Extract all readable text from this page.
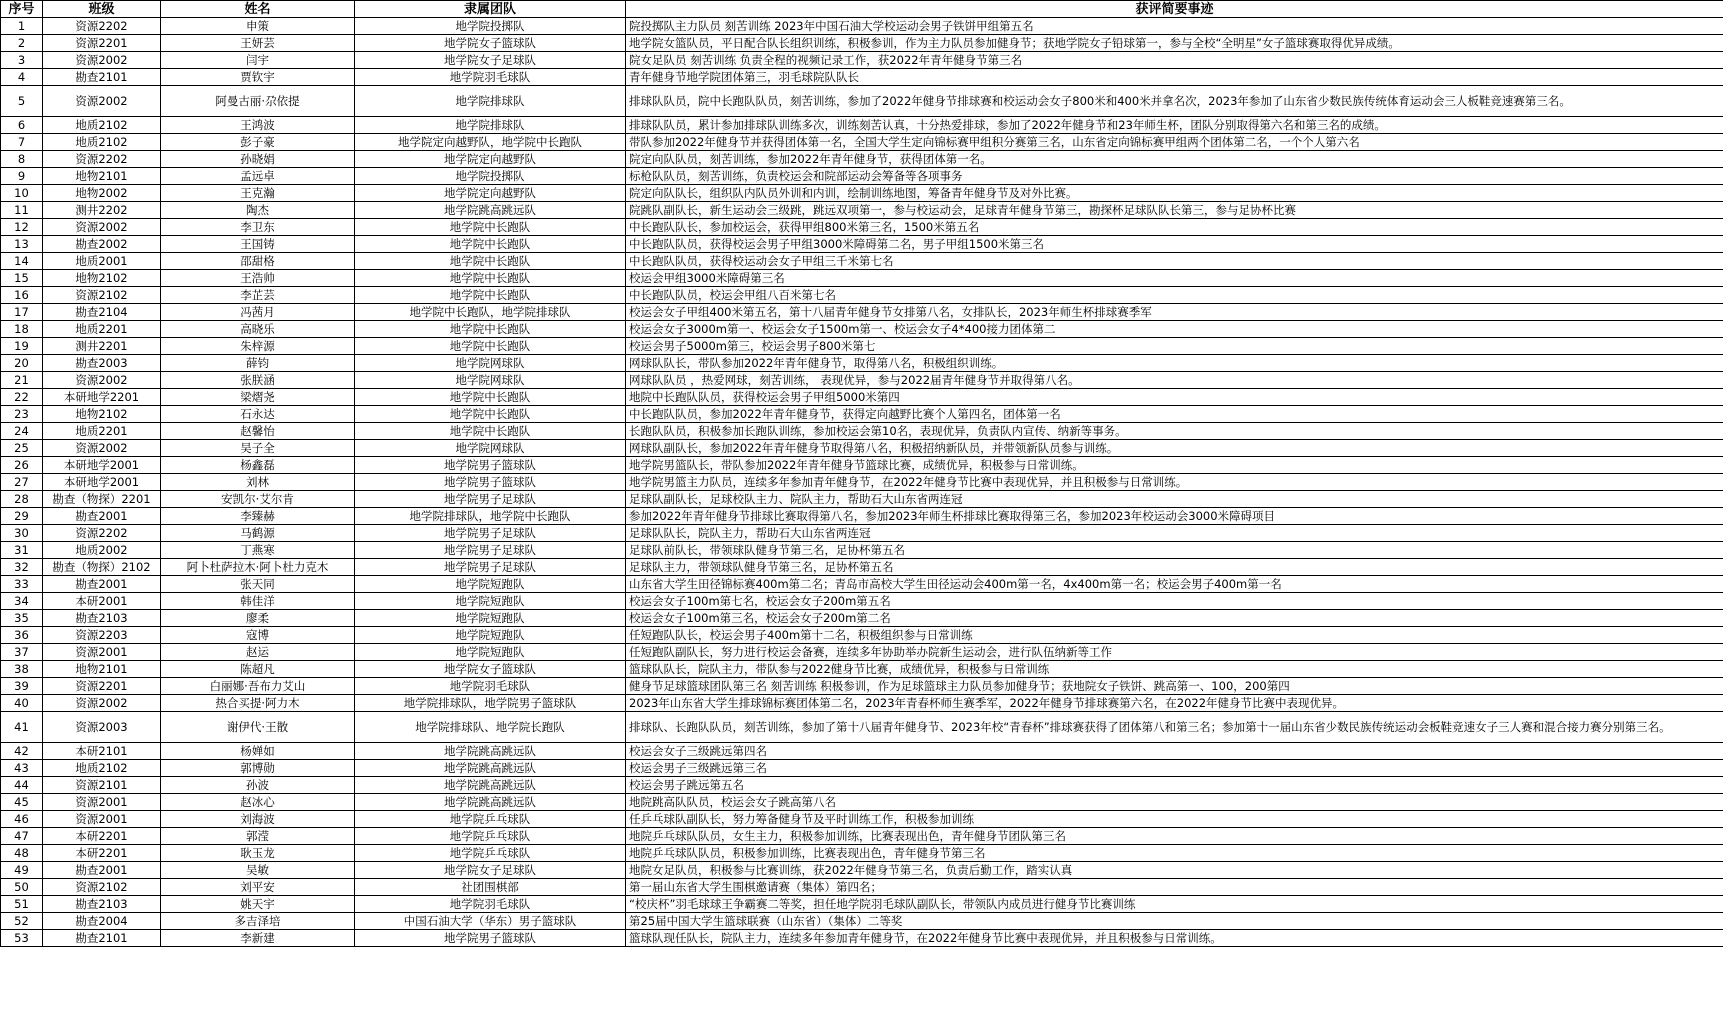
序号	班级	姓名	隶属团队	获评简要事迹
1	资源2202	申策	地学院投掷队	院投掷队主力队员 刻苦训练 2023年中国石油大学校运动会男子铁饼甲组第五名
2	资源2201	王妍芸	地学院女子篮球队	地学院女篮队员，平日配合队长组织训练，积极参训，作为主力队员参加健身节；获地学院女子铅球第一，参与全校“全明星”女子篮球赛取得优异成绩。
3	资源2002	闫宇	地学院女子足球队	院女足队员 刻苦训练 负责全程的视频记录工作，获2022年青年健身节第三名
4	勘查2101	贾钦宇	地学院羽毛球队	青年健身节地学院团体第三，羽毛球院队队长
5	资源2002	阿曼古丽·尕依提	地学院排球队	排球队队员，院中长跑队队员，刻苦训练，参加了2022年健身节排球赛和校运动会女子800米和400米并拿名次，2023年参加了山东省少数民族传统体育运动会三人板鞋竞速赛第三名。
6	地质2102	王鸿波	地学院排球队	排球队队员，累计参加排球队训练多次，训练刻苦认真，十分热爱排球，参加了2022年健身节和23年师生杯，团队分别取得第六名和第三名的成绩。
7	地质2102	彭子豪	地学院定向越野队，地学院中长跑队	带队参加2022年健身节并获得团体第一名，全国大学生定向锦标赛甲组积分赛第三名，山东省定向锦标赛甲组两个团体第二名，一个个人第六名
8	资源2202	孙晓娟	地学院定向越野队	院定向队队员，刻苦训练，参加2022年青年健身节，获得团体第一名。
9	地物2101	孟远卓	地学院投掷队	标枪队队员，刻苦训练，负责校运会和院部运动会筹备等各项事务
10	地物2002	王克瀚	地学院定向越野队	院定向队队长，组织队内队员外训和内训，绘制训练地图，筹备青年健身节及对外比赛。
11	测井2202	陶杰	地学院跳高跳远队	院跳队副队长，新生运动会三级跳，跳远双项第一，参与校运动会，足球青年健身节第三，勘探杯足球队队长第三，参与足协杯比赛
12	资源2002	李卫东	地学院中长跑队	中长跑队队长，参加校运会，获得甲组800米第三名，1500米第五名
13	勘查2002	王国铸	地学院中长跑队	中长跑队队员，获得校运会男子甲组3000米障碍第二名，男子甲组1500米第三名
14	地质2001	邵甜格	地学院中长跑队	中长跑队队员，获得校运动会女子甲组三千米第七名
15	地物2102	王浩帅	地学院中长跑队	校运会甲组3000米障碍第三名
16	资源2102	李芷芸	地学院中长跑队	中长跑队队员，校运会甲组八百米第七名
17	勘查2104	冯茜月	地学院中长跑队，地学院排球队	校运会女子甲组400米第五名，第十八届青年健身节女排第八名，女排队长，2023年师生杯排球赛季军
18	地质2201	高晓乐	地学院中长跑队	校运会女子3000m第一、校运会女子1500m第一、校运会女子4*400接力团体第二
19	测井2201	朱梓源	地学院中长跑队	校运会男子5000m第三，校运会男子800米第七
20	勘查2003	薛钧	地学院网球队	网球队队长，带队参加2022年青年健身节，取得第八名，积极组织训练。
21	资源2002	张朕涵	地学院网球队	网球队队员 ，热爱网球，刻苦训练， 表现优异，参与2022届青年健身节并取得第八名。
22	本研地学2201	梁熠尧	地学院中长跑队	地院中长跑队队员，获得校运会男子甲组5000米第四
23	地物2102	石永达	地学院中长跑队	中长跑队队员，参加2022年青年健身节，获得定向越野比赛个人第四名，团体第一名
24	地质2201	赵馨怡	地学院中长跑队	长跑队队员，积极参加长跑队训练，参加校运会第10名，表现优异，负责队内宣传、纳新等事务。
25	资源2002	吴子全	地学院网球队	网球队副队长，参加2022年青年健身节取得第八名，积极招纳新队员，并带领新队员参与训练。
26	本研地学2001	杨鑫磊	地学院男子篮球队	地学院男篮队长，带队参加2022年青年健身节篮球比赛，成绩优异，积极参与日常训练。
27	本研地学2001	刘林	地学院男子篮球队	地学院男篮主力队员，连续多年参加青年健身节，在2022年健身节比赛中表现优异，并且积极参与日常训练。
28	勘查（物探）2201	安凯尔·艾尔肯	地学院男子足球队	足球队副队长，足球校队主力、院队主力，帮助石大山东省两连冠
29	勘查2001	李臻赫	地学院排球队，地学院中长跑队	参加2022年青年健身节排球比赛取得第八名，参加2023年师生杯排球比赛取得第三名，参加2023年校运动会3000米障碍项目
30	资源2202	马鹤源	地学院男子足球队	足球队队长，院队主力，帮助石大山东省两连冠
31	地质2002	丁燕寒	地学院男子足球队	足球队前队长，带领球队健身节第三名，足协杯第五名
32	勘查（物探）2102	阿卜杜萨拉木·阿卜杜力克木	地学院男子足球队	足球队主力，带领球队健身节第三名，足协杯第五名
33	勘查2001	张天同	地学院短跑队	山东省大学生田径锦标赛400m第二名；青岛市高校大学生田径运动会400m第一名，4x400m第一名；校运会男子400m第一名
34	本研2001	韩佳洋	地学院短跑队	校运会女子100m第七名，校运会女子200m第五名
35	勘查2103	廖柔	地学院短跑队	校运会女子100m第三名，校运会女子200m第二名
36	资源2203	寇博	地学院短跑队	任短跑队队长，校运会男子400m第十二名，积极组织参与日常训练
37	资源2001	赵运	地学院短跑队	任短跑队副队长，努力进行校运会备赛，连续多年协助举办院新生运动会，进行队伍纳新等工作
38	地物2101	陈超凡	地学院女子篮球队	篮球队队长，院队主力，带队参与2022健身节比赛，成绩优异，积极参与日常训练
39	资源2201	白丽娜·吾布力艾山	地学院羽毛球队	健身节足球篮球团队第三名 刻苦训练 积极参训，作为足球篮球主力队员参加健身节；获地院女子铁饼、跳高第一、100，200第四
40	资源2002	热合买提·阿力木	地学院排球队，地学院男子篮球队	2023年山东省大学生排球锦标赛团体第二名，2023年青春杯师生赛季军，2022年健身节排球赛第六名，在2022年健身节比赛中表现优异。
41	资源2003	谢伊代·王散	地学院排球队、地学院长跑队	排球队、长跑队队员，刻苦训练，参加了第十八届青年健身节、2023年校“青春杯”排球赛获得了团体第八和第三名；参加第十一届山东省少数民族传统运动会板鞋竞速女子三人赛和混合接力赛分别第三名。
42	本研2101	杨婵如	地学院跳高跳远队	校运会女子三级跳远第四名
43	地质2102	郭博勋	地学院跳高跳远队	校运会男子三级跳远第三名
44	资源2101	孙波	地学院跳高跳远队	校运会男子跳远第五名
45	资源2001	赵冰心	地学院跳高跳远队	地院跳高队队员，校运会女子跳高第八名
46	资源2001	刘海波	地学院乒乓球队	任乒乓球队副队长，努力筹备健身节及平时训练工作，积极参加训练
47	本研2201	郭滢	地学院乒乓球队	地院乒乓球队队员，女生主力，积极参加训练，比赛表现出色，青年健身节团队第三名
48	本研2201	耿玉龙	地学院乒乓球队	地院乒乓球队队员，积极参加训练，比赛表现出色，青年健身节第三名
49	勘查2001	吴敏	地学院女子足球队	地院女足队员，积极参与比赛训练，获2022年健身节第三名，负责后勤工作，踏实认真
50	资源2102	刘平安	社团围棋部	第一届山东省大学生围棋邀请赛（集体）第四名；
51	勘查2103	姚天宇	地学院羽毛球队	“校庆杯”羽毛球球王争霸赛二等奖，担任地学院羽毛球队副队长，带领队内成员进行健身节比赛训练
52	勘查2004	多吉泽培	中国石油大学（华东）男子篮球队	第25届中国大学生篮球联赛（山东省）（集体）二等奖
53	勘查2101	李新建	地学院男子篮球队	篮球队现任队长，院队主力，连续多年参加青年健身节，在2022年健身节比赛中表现优异，并且积极参与日常训练。
